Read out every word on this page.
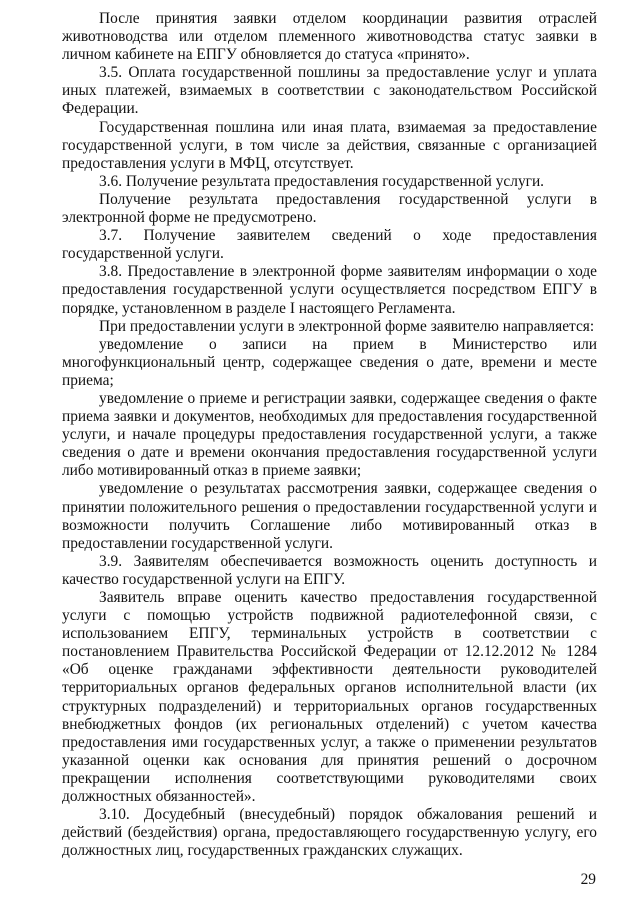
После принятия заявки отделом координации развития отраслей животноводства или отделом племенного животноводства статус заявки в личном кабинете на ЕПГУ обновляется до статуса «принято».

3.5. Оплата государственной пошлины за предоставление услуг и уплата иных платежей, взимаемых в соответствии с законодательством Российской Федерации.

Государственная пошлина или иная плата, взимаемая за предоставление государственной услуги, в том числе за действия, связанные с организацией предоставления услуги в МФЦ, отсутствует.

3.6. Получение результата предоставления государственной услуги.

Получение результата предоставления государственной услуги в электронной форме не предусмотрено.

3.7. Получение заявителем сведений о ходе предоставления государственной услуги.

3.8. Предоставление в электронной форме заявителям информации о ходе предоставления государственной услуги осуществляется посредством ЕПГУ в порядке, установленном в разделе I настоящего Регламента.

При предоставлении услуги в электронной форме заявителю направляется:

уведомление о записи на прием в Министерство или многофункциональный центр, содержащее сведения о дате, времени и месте приема;

уведомление о приеме и регистрации заявки, содержащее сведения о факте приема заявки и документов, необходимых для предоставления государственной услуги, и начале процедуры предоставления государственной услуги, а также сведения о дате и времени окончания предоставления государственной услуги либо мотивированный отказ в приеме заявки;

уведомление о результатах рассмотрения заявки, содержащее сведения о принятии положительного решения о предоставлении государственной услуги и возможности получить Соглашение либо мотивированный отказ в предоставлении государственной услуги.

3.9. Заявителям обеспечивается возможность оценить доступность и качество государственной услуги на ЕПГУ.

Заявитель вправе оценить качество предоставления государственной услуги с помощью устройств подвижной радиотелефонной связи, с использованием ЕПГУ, терминальных устройств в соответствии с постановлением Правительства Российской Федерации от 12.12.2012 № 1284 «Об оценке гражданами эффективности деятельности руководителей территориальных органов федеральных органов исполнительной власти (их структурных подразделений) и территориальных органов государственных внебюджетных фондов (их региональных отделений) с учетом качества предоставления ими государственных услуг, а также о применении результатов указанной оценки как основания для принятия решений о досрочном прекращении исполнения соответствующими руководителями своих должностных обязанностей».

3.10. Досудебный (внесудебный) порядок обжалования решений и действий (бездействия) органа, предоставляющего государственную услугу, его должностных лиц, государственных гражданских служащих.

29
